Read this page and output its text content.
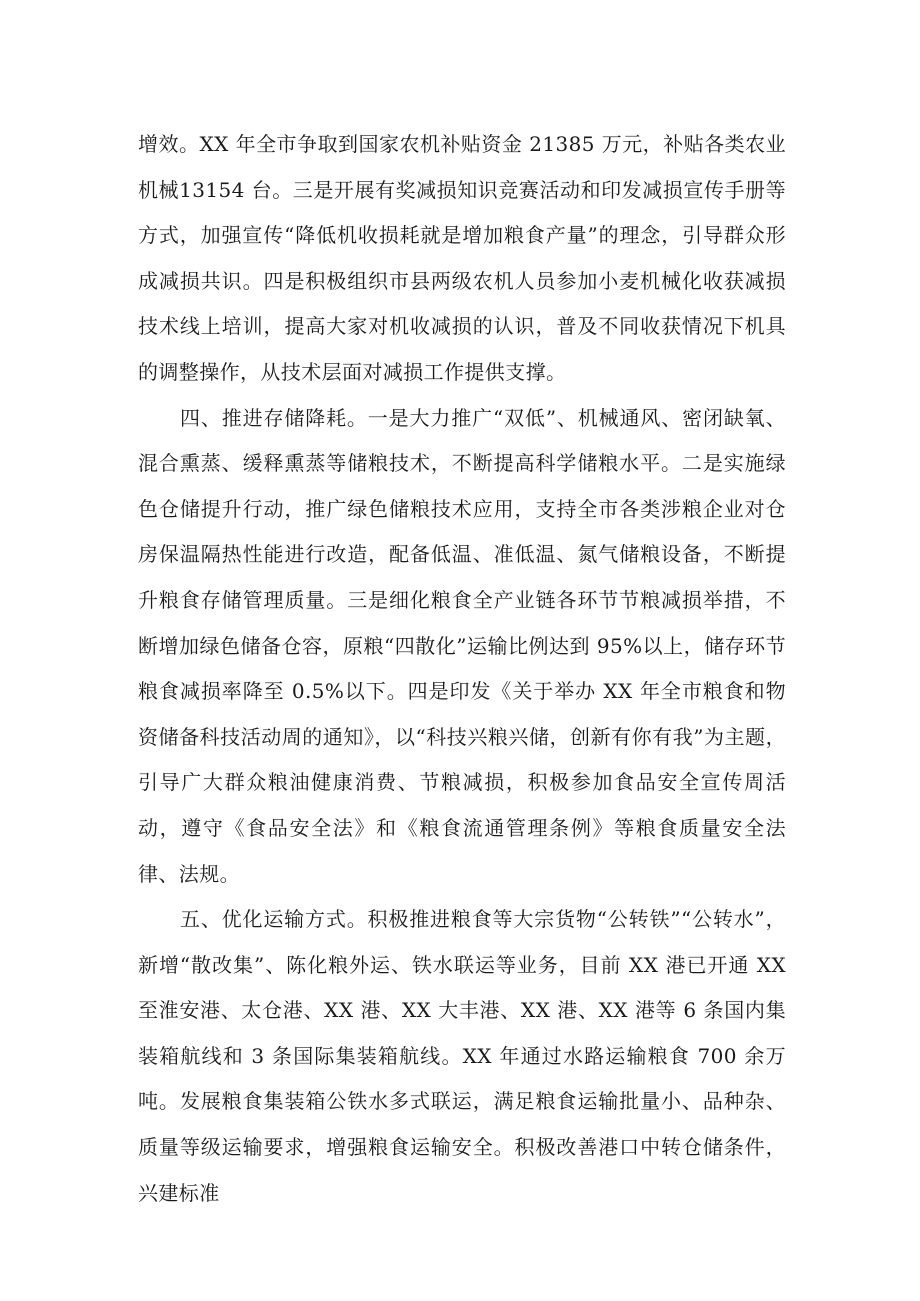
增效。XX 年全市争取到国家农机补贴资金 21385 万元，补贴各类农业机械13154 台。三是开展有奖减损知识竞赛活动和印发减损宣传手册等方式，加强宣传“降低机收损耗就是增加粮食产量”的理念，引导群众形成减损共识。四是积极组织市县两级农机人员参加小麦机械化收获减损技术线上培训，提高大家对机收减损的认识，普及不同收获情况下机具的调整操作，从技术层面对减损工作提供支撑。

四、推进存储降耗。一是大力推广“双低”、机械通风、密闭缺氧、混合熏蒸、缓释熏蒸等储粮技术，不断提高科学储粮水平。二是实施绿色仓储提升行动，推广绿色储粮技术应用，支持全市各类涉粮企业对仓房保温隔热性能进行改造，配备低温、准低温、氮气储粮设备，不断提升粮食存储管理质量。三是细化粮食全产业链各环节节粮减损举措，不断增加绿色储备仓容，原粮“四散化”运输比例达到 95%以上，储存环节粮食减损率降至 0.5%以下。四是印发《关于举办 XX 年全市粮食和物资储备科技活动周的通知》，以“科技兴粮兴储，创新有你有我”为主题，引导广大群众粮油健康消费、节粮减损，积极参加食品安全宣传周活动，遵守《食品安全法》和《粮食流通管理条例》等粮食质量安全法律、法规。

五、优化运输方式。积极推进粮食等大宗货物“公转铁”“公转水”，新增“散改集”、陈化粮外运、铁水联运等业务，目前 XX 港已开通 XX 至淮安港、太仓港、XX 港、XX 大丰港、XX 港、XX 港等 6 条国内集装箱航线和 3 条国际集装箱航线。XX 年通过水路运输粮食 700 余万吨。发展粮食集装箱公铁水多式联运，满足粮食运输批量小、品种杂、质量等级运输要求，增强粮食运输安全。积极改善港口中转仓储条件，兴建标准
